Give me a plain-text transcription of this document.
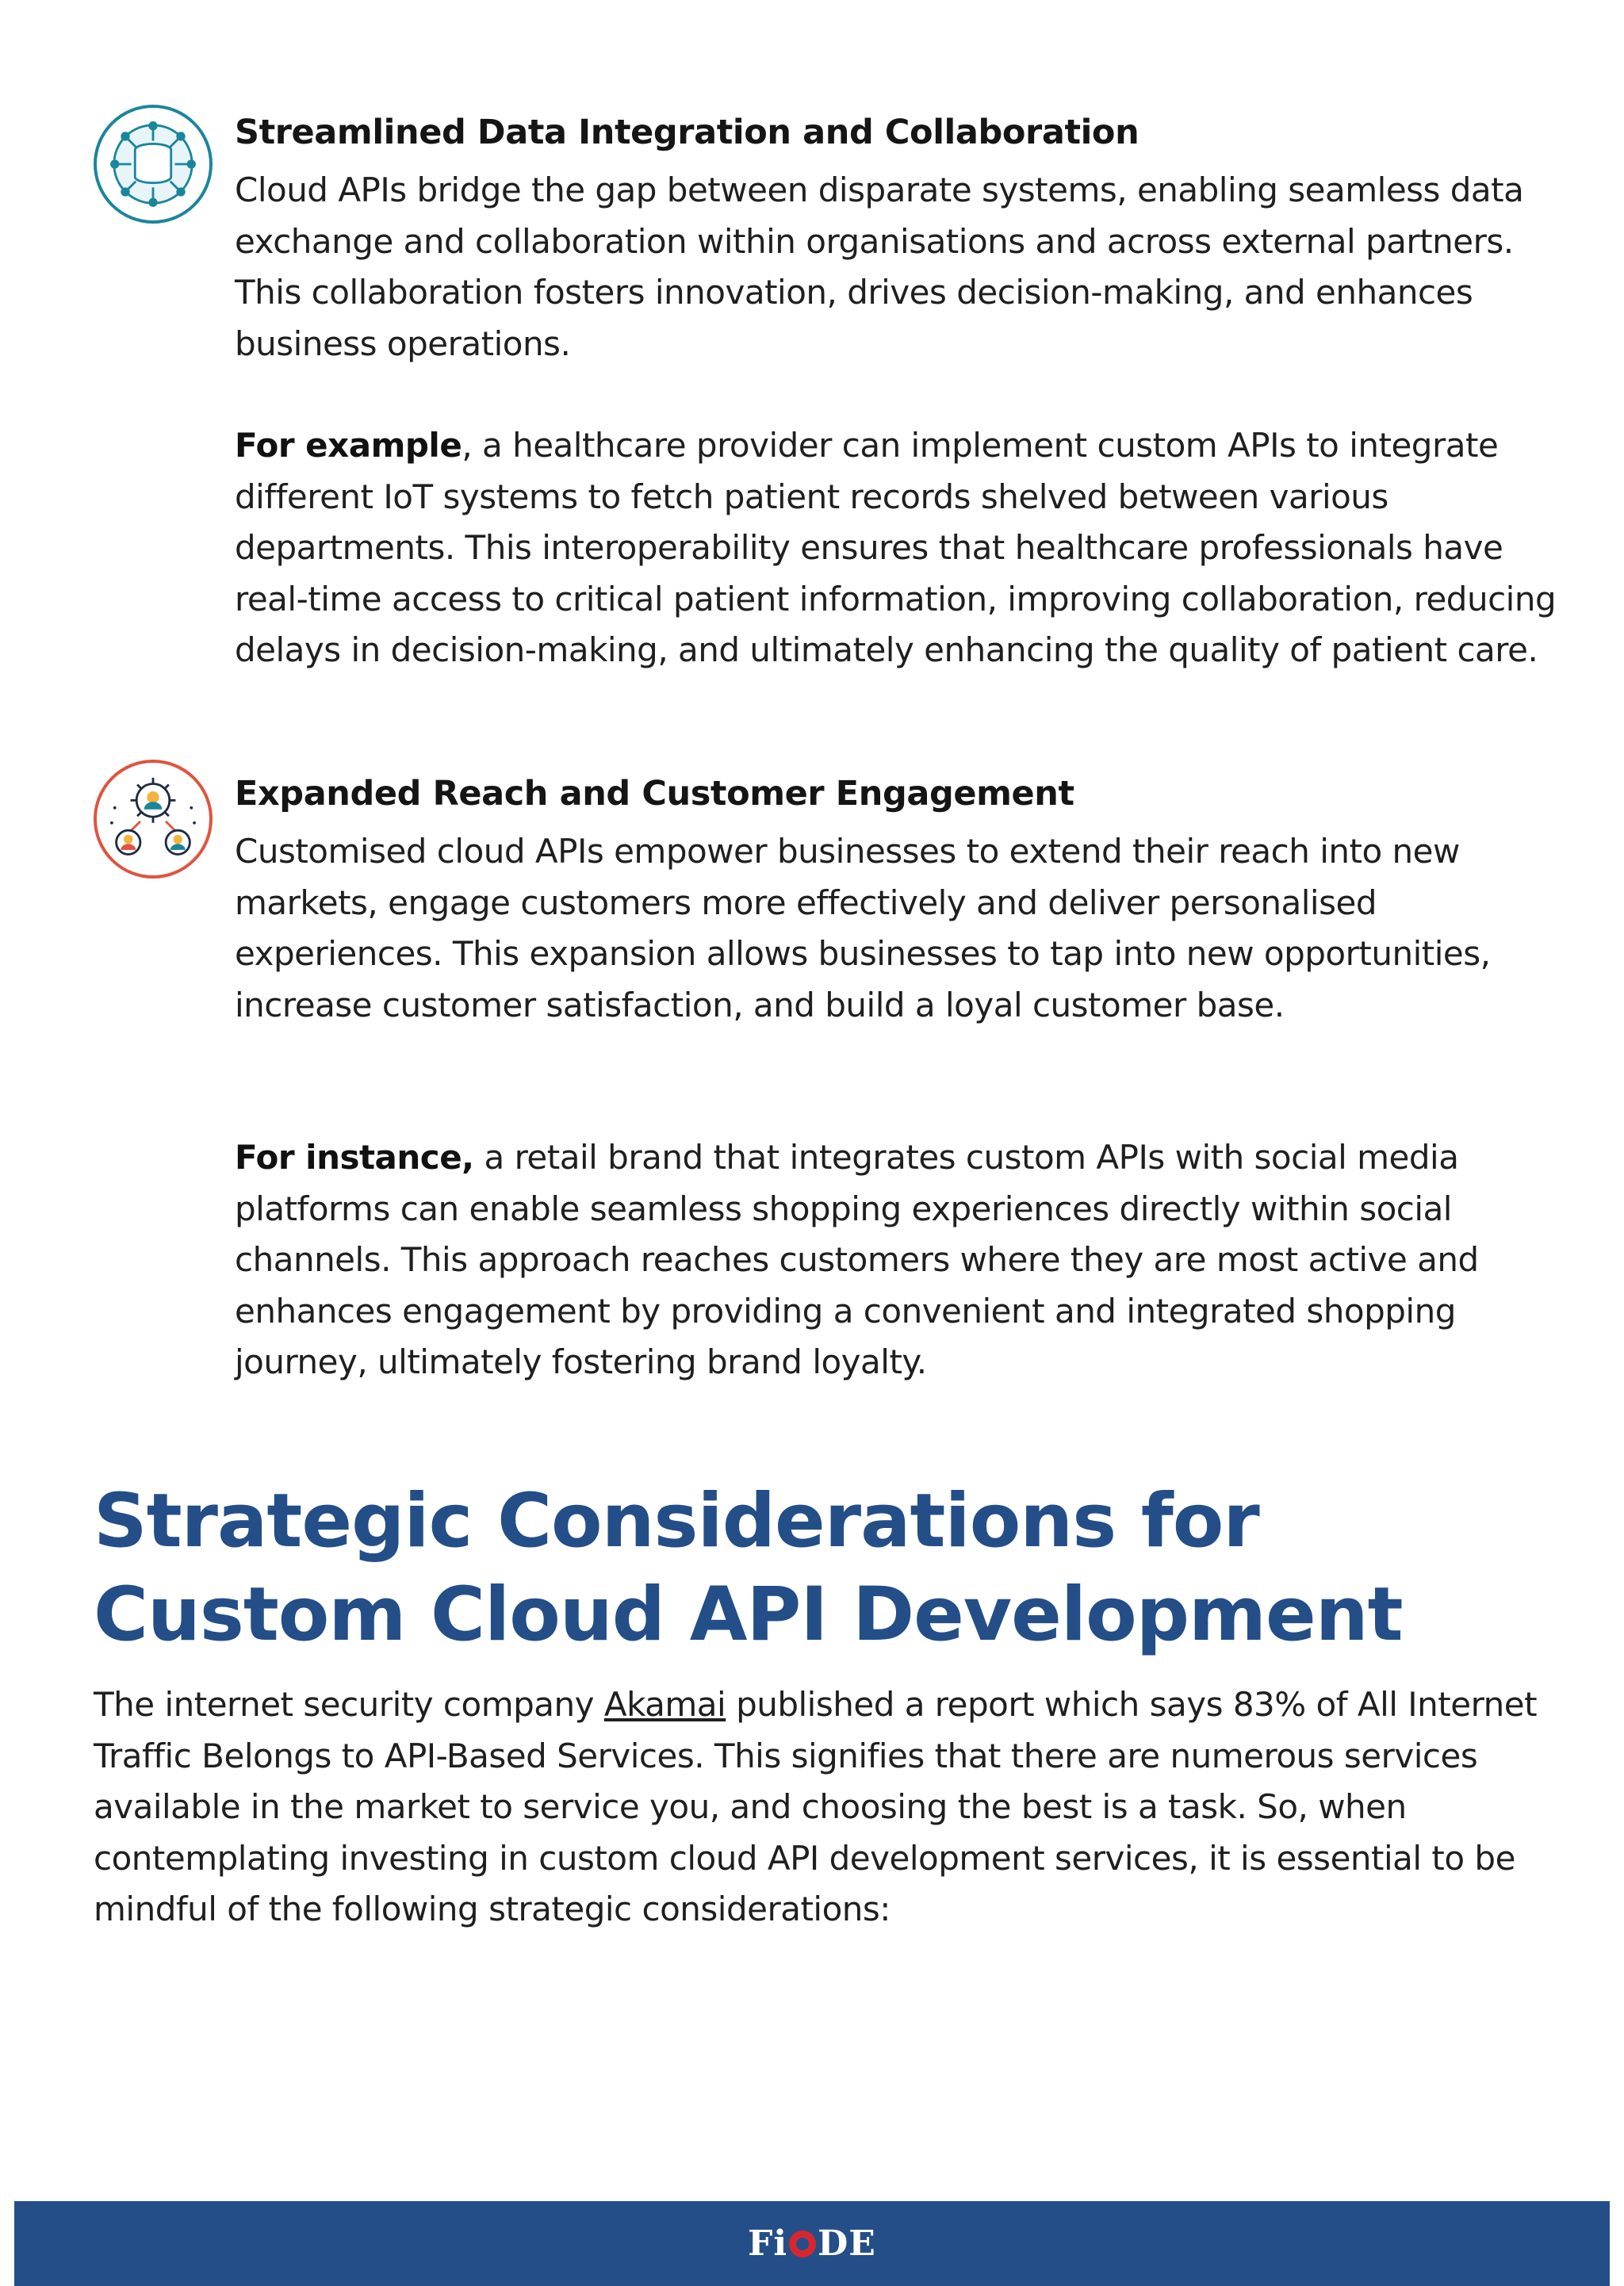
Streamlined Data Integration and Collaboration

Cloud APIs bridge the gap between disparate systems, enabling seamless data exchange and collaboration within organisations and across external partners. This collaboration fosters innovation, drives decision-making, and enhances business operations.

For example, a healthcare provider can implement custom APIs to integrate different IoT systems to fetch patient records shelved between various departments. This interoperability ensures that healthcare professionals have real-time access to critical patient information, improving collaboration, reducing delays in decision-making, and ultimately enhancing the quality of patient care.

Expanded Reach and Customer Engagement

Customised cloud APIs empower businesses to extend their reach into new markets, engage customers more effectively and deliver personalised experiences. This expansion allows businesses to tap into new opportunities, increase customer satisfaction, and build a loyal customer base.

For instance, a retail brand that integrates custom APIs with social media platforms can enable seamless shopping experiences directly within social channels. This approach reaches customers where they are most active and enhances engagement by providing a convenient and integrated shopping journey, ultimately fostering brand loyalty.

Strategic Considerations for Custom Cloud API Development

The internet security company Akamai published a report which says 83% of All Internet Traffic Belongs to API-Based Services. This signifies that there are numerous services available in the market to service you, and choosing the best is a task. So, when contemplating investing in custom cloud API development services, it is essential to be mindful of the following strategic considerations:

Fi DE
